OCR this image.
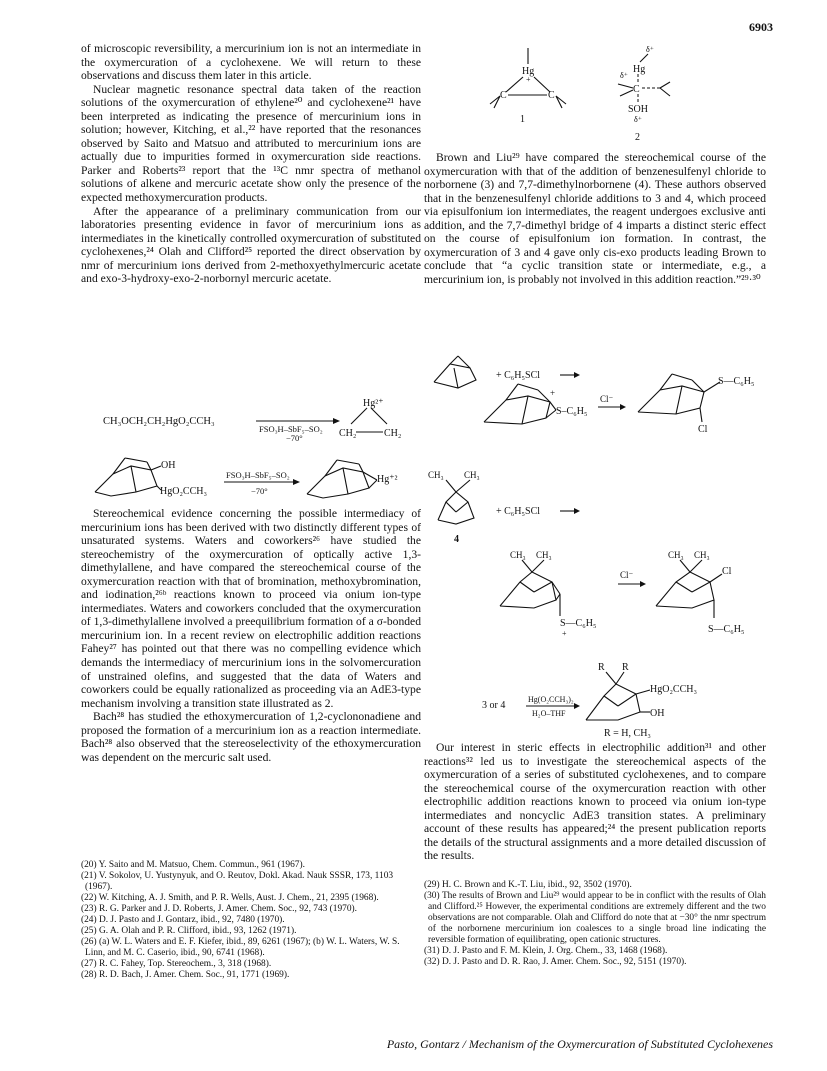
6903

of microscopic reversibility, a mercurinium ion is not an intermediate in the oxymercuration of a cyclohexene. We will return to these observations and discuss them later in this article.

Nuclear magnetic resonance spectral data taken of the reaction solutions of the oxymercuration of ethylene²⁰ and cyclohexene²¹ have been interpreted as indicating the presence of mercurinium ions in solution; however, Kitching, et al.,²² have reported that the resonances observed by Saito and Matsuo and attributed to mercurinium ions are actually due to impurities formed in oxymercuration side reactions. Parker and Roberts²³ report that the ¹³C nmr spectra of methanol solutions of alkene and mercuric acetate show only the presence of the expected methoxymercuration products.

After the appearance of a preliminary communication from our laboratories presenting evidence in favor of mercurinium ions as intermediates in the kinetically controlled oxymercuration of substituted cyclohexenes,²⁴ Olah and Clifford²⁵ reported the direct observation by nmr of mercurinium ions derived from 2-methoxyethylmercuric acetate and exo-3-hydroxy-exo-2-norbornyl mercuric acetate.

CH₃OCH₂CH₂HgO₂CCH₃
FSO₃H–SbF₅–SO₂
−70°
Hg²⁺
CH₂	CH₂
OH
HgO₂CCH₃
FSO₃H–SbF₅–SO₂
−70°
Hg⁺²

Stereochemical evidence concerning the possible intermediacy of mercurinium ions has been derived with two distinctly different types of unsaturated systems. Waters and coworkers²⁶ have studied the stereochemistry of the oxymercuration of optically active 1,3-dimethylallene, and have compared the stereochemical course of the oxymercuration reaction with that of bromination, methoxybromination, and iodination,²⁶ᵇ reactions known to proceed via onium ion-type intermediates. Waters and coworkers concluded that the oxymercuration of 1,3-dimethylallene involved a preequilibrium formation of a σ-bonded mercurinium ion. In a recent review on electrophilic addition reactions Fahey²⁷ has pointed out that there was no compelling evidence which demands the intermediacy of mercurinium ions in the solvomercuration of unstrained olefins, and suggested that the data of Waters and coworkers could be equally rationalized as proceeding via an AdE3-type mechanism involving a transition state illustrated as 2.

Bach²⁸ has studied the ethoxymercuration of 1,2-cyclononadiene and proposed the formation of a mercurinium ion as a reaction intermediate. Bach²⁸ also observed that the stereoselectivity of the ethoxymercuration was dependent on the mercuric salt used.

(20) Y. Saito and M. Matsuo, Chem. Commun., 961 (1967).
(21) V. Sokolov, U. Yustynyuk, and O. Reutov, Dokl. Akad. Nauk SSSR, 173, 1103 (1967).
(22) W. Kitching, A. J. Smith, and P. R. Wells, Aust. J. Chem., 21, 2395 (1968).
(23) R. G. Parker and J. D. Roberts, J. Amer. Chem. Soc., 92, 743 (1970).
(24) D. J. Pasto and J. Gontarz, ibid., 92, 7480 (1970).
(25) G. A. Olah and P. R. Clifford, ibid., 93, 1262 (1971).
(26) (a) W. L. Waters and E. F. Kiefer, ibid., 89, 6261 (1967); (b) W. L. Waters, W. S. Linn, and M. C. Caserio, ibid., 90, 6741 (1968).
(27) R. C. Fahey, Top. Stereochem., 3, 318 (1968).
(28) R. D. Bach, J. Amer. Chem. Soc., 91, 1771 (1969).
Hg
+
C	C
1
δ⁺
Hg
δ⁺
C
SOH
δ⁺
2

Brown and Liu²⁹ have compared the stereochemical course of the oxymercuration with that of the addition of benzenesulfenyl chloride to norbornene (3) and 7,7-dimethylnorbornene (4). These authors observed that in the benzenesulfenyl chloride additions to 3 and 4, which proceed via episulfonium ion intermediates, the reagent undergoes exclusive anti addition, and the 7,7-dimethyl bridge of 4 imparts a distinct steric effect on the course of episulfonium ion formation. In contrast, the oxymercuration of 3 and 4 gave only cis-exo products leading Brown to conclude that “a cyclic transition state or intermediate, e.g., a mercurinium ion, is probably not involved in this addition reaction.”²⁹·³⁰

+ C₆H₅SCl
+
S–C₆H₅
Cl⁻
S—C₆H₅
Cl
CH₃ CH₃
+ C₆H₅SCl
4
CH₃ CH₃
S—C₆H₅
+
Cl⁻
CH₃ CH₃
Cl
S—C₆H₅
3 or 4
Hg(O₂CCH₃)₂
H₂O–THF
R R
HgO₂CCH₃
OH
R = H, CH₃

Our interest in steric effects in electrophilic addition³¹ and other reactions³² led us to investigate the stereochemical aspects of the oxymercuration of a series of substituted cyclohexenes, and to compare the stereochemical course of the oxymercuration reaction with other electrophilic addition reactions known to proceed via onium ion-type intermediates and noncyclic AdE3 transition states. A preliminary account of these results has appeared;²⁴ the present publication reports the details of the structural assignments and a more detailed discussion of the results.

(29) H. C. Brown and K.-T. Liu, ibid., 92, 3502 (1970).
(30) The results of Brown and Liu²⁹ would appear to be in conflict with the results of Olah and Clifford.²⁵ However, the experimental conditions are extremely different and the two observations are not comparable. Olah and Clifford do note that at −30° the nmr spectrum of the norbornene mercurinium ion coalesces to a single broad line indicating the reversible formation of equilibrating, open cationic structures.
(31) D. J. Pasto and F. M. Klein, J. Org. Chem., 33, 1468 (1968).
(32) D. J. Pasto and D. R. Rao, J. Amer. Chem. Soc., 92, 5151 (1970).
Pasto, Gontarz / Mechanism of the Oxymercuration of Substituted Cyclohexenes
